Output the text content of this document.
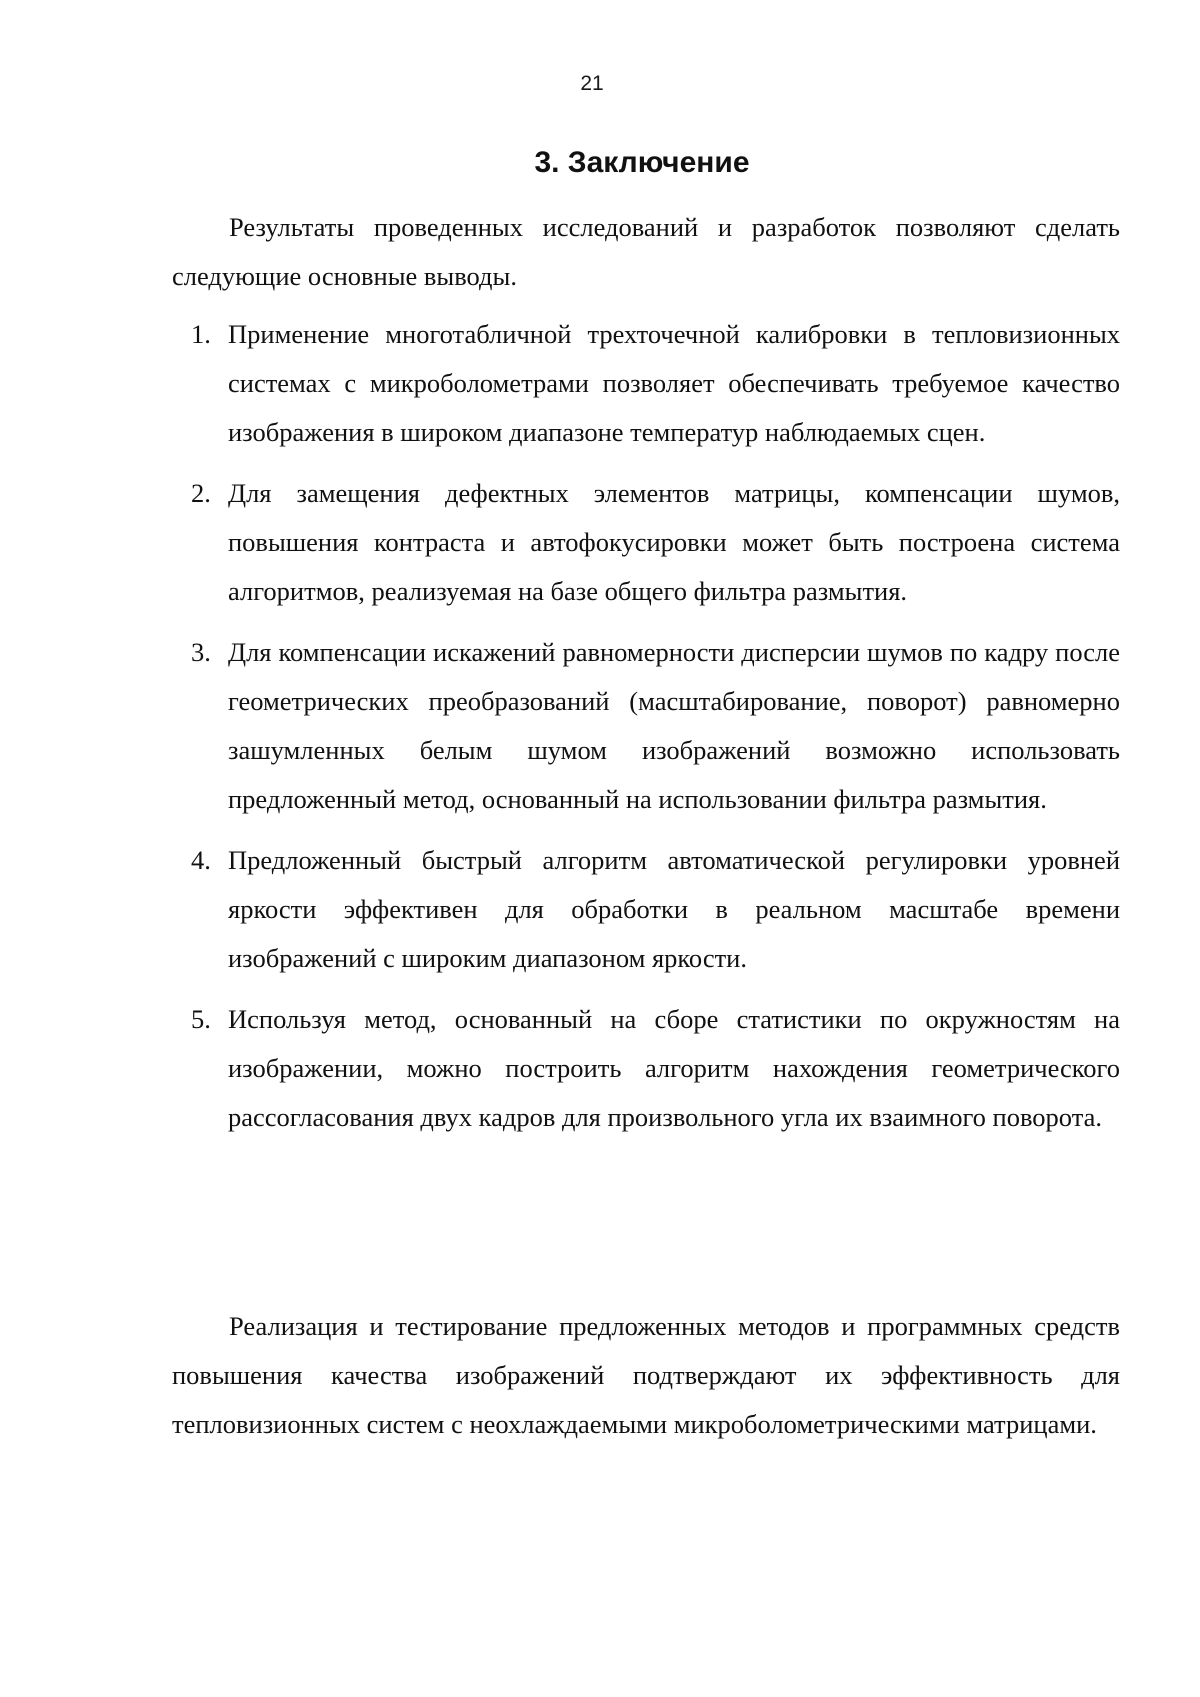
21
3. Заключение

Результаты проведенных исследований и разработок позволяют сделать следующие основные выводы.

1. Применение многотабличной трехточечной калибровки в тепловизионных системах с микроболометрами позволяет обеспечивать требуемое качество изображения в широком диапазоне температур наблюдаемых сцен.
2. Для замещения дефектных элементов матрицы, компенсации шумов, повышения контраста и автофокусировки может быть построена система алгоритмов, реализуемая на базе общего фильтра размытия.
3. Для компенсации искажений равномерности дисперсии шумов по кадру после геометрических преобразований (масштабирование, поворот) равномерно зашумленных белым шумом изображений возможно использовать предложенный метод, основанный на использовании фильтра размытия.
4. Предложенный быстрый алгоритм автоматической регулировки уровней яркости эффективен для обработки в реальном масштабе времени изображений с широким диапазоном яркости.
5. Используя метод, основанный на сборе статистики по окружностям на изображении, можно построить алгоритм нахождения геометрического рассогласования двух кадров для произвольного угла их взаимного поворота.

Реализация и тестирование предложенных методов и программных средств повышения качества изображений подтверждают их эффективность для тепловизионных систем с неохлаждаемыми микроболометрическими матрицами.
